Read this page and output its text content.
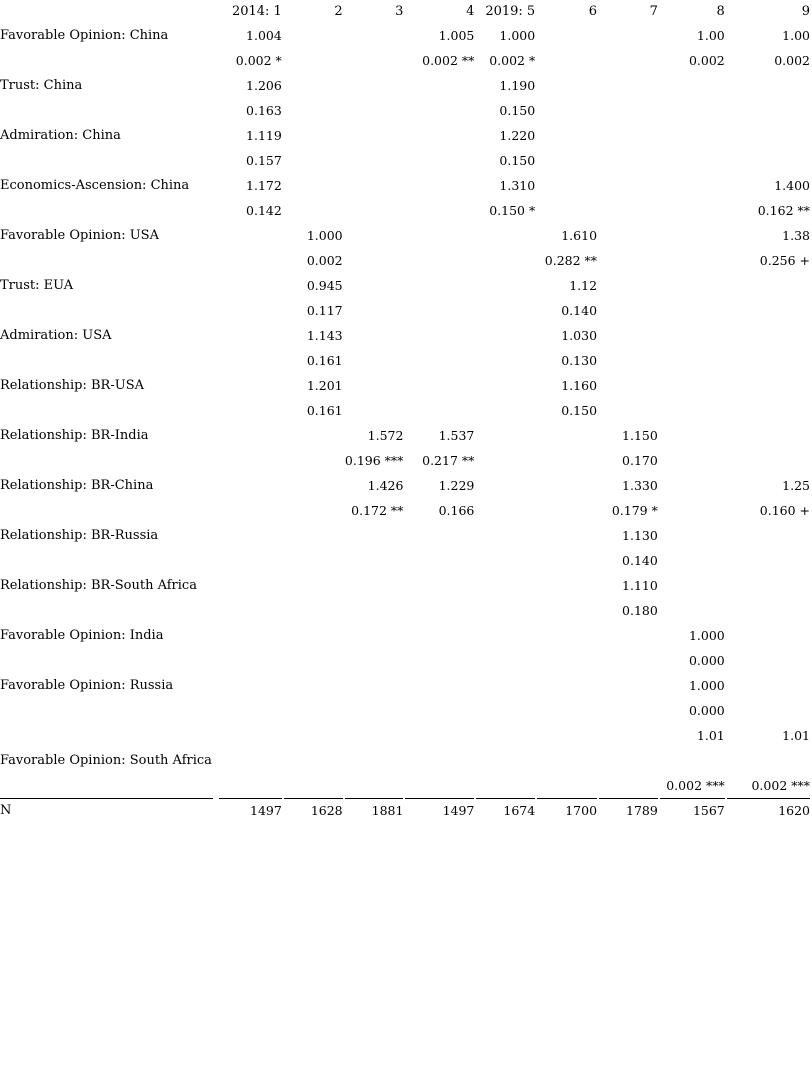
	2014: 1	2	3	4	2019: 5	6	7	8	9
Favorable Opinion: China	1.004			1.005	1.000			1.00	1.00
	0.002 *			0.002 **	0.002 *			0.002	0.002
Trust: China	1.206				1.190				
	0.163				0.150				
Admiration: China	1.119				1.220				
	0.157				0.150				
Economics-Ascension: China	1.172				1.310				1.400
	0.142				0.150 *				0.162 **
Favorable Opinion: USA		1.000				1.610			1.38
		0.002				0.282 **			0.256 +
Trust: EUA		0.945				1.12			
		0.117				0.140			
Admiration: USA		1.143				1.030			
		0.161				0.130			
Relationship: BR-USA		1.201				1.160			
		0.161				0.150			
Relationship: BR-India			1.572	1.537			1.150		
			0.196 ***	0.217 **			0.170		
Relationship: BR-China			1.426	1.229			1.330		1.25
			0.172 **	0.166			0.179 *		0.160 +
Relationship: BR-Russia							1.130		
							0.140		
Relationship: BR-South Africa							1.110		
							0.180		
Favorable Opinion: India								1.000	
								0.000	
Favorable Opinion: Russia								1.000	
								0.000	
								1.01	1.01
Favorable Opinion: South Africa									
								0.002 ***	0.002 ***
N	1497	1628	1881	1497	1674	1700	1789	1567	1620
